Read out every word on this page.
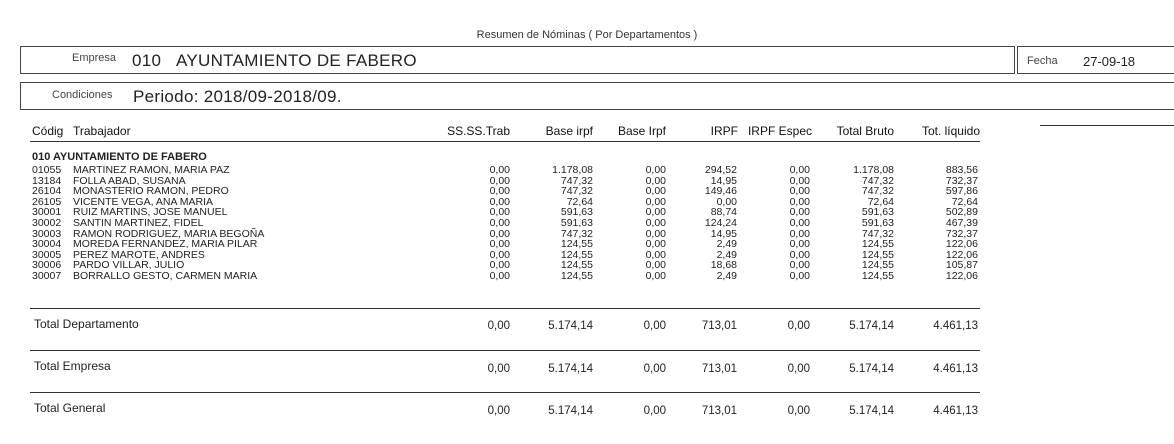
Resumen de Nóminas ( Por Departamentos )
Empresa 010 AYUNTAMIENTO DE FABERO	Fecha 27-09-18
Condiciones Periodo: 2018/09-2018/09.
Códig Trabajador	SS.SS.Trab	Base irpf	Base Irpf	IRPF IRPF Espec	Total Bruto	Tot. líquido
010 AYUNTAMIENTO DE FABERO
01055 MARTINEZ RAMON, MARIA PAZ	0,00	1.178,08	0,00	294,52	0,00	1.178,08	883,56
13184 FOLLA ABAD, SUSANA	0,00	747,32	0,00	14,95	0,00	747,32	732,37
26104 MONASTERIO RAMON, PEDRO	0,00	747,32	0,00	149,46	0,00	747,32	597,86
26105 VICENTE VEGA, ANA MARIA	0,00	72,64	0,00	0,00	0,00	72,64	72,64
30001 RUIZ MARTINS, JOSE MANUEL	0,00	591,63	0,00	88,74	0,00	591,63	502,89
30002 SANTIN MARTINEZ, FIDEL	0,00	591,63	0,00	124,24	0,00	591,63	467,39
30003 RAMON RODRIGUEZ, MARIA BEGOÑA	0,00	747,32	0,00	14,95	0,00	747,32	732,37
30004 MOREDA FERNANDEZ, MARIA PILAR	0,00	124,55	0,00	2,49	0,00	124,55	122,06
30005 PEREZ MAROTE, ANDRES	0,00	124,55	0,00	2,49	0,00	124,55	122,06
30006 PARDO VILLAR, JULIO	0,00	124,55	0,00	18,68	0,00	124,55	105,87
30007 BORRALLO GESTO, CARMEN MARIA	0,00	124,55	0,00	2,49	0,00	124,55	122,06
Total Departamento	0,00	5.174,14	0,00	713,01	0,00	5.174,14	4.461,13
Total Empresa	0,00	5.174,14	0,00	713,01	0,00	5.174,14	4.461,13
Total General	0,00	5.174,14	0,00	713,01	0,00	5.174,14	4.461,13
